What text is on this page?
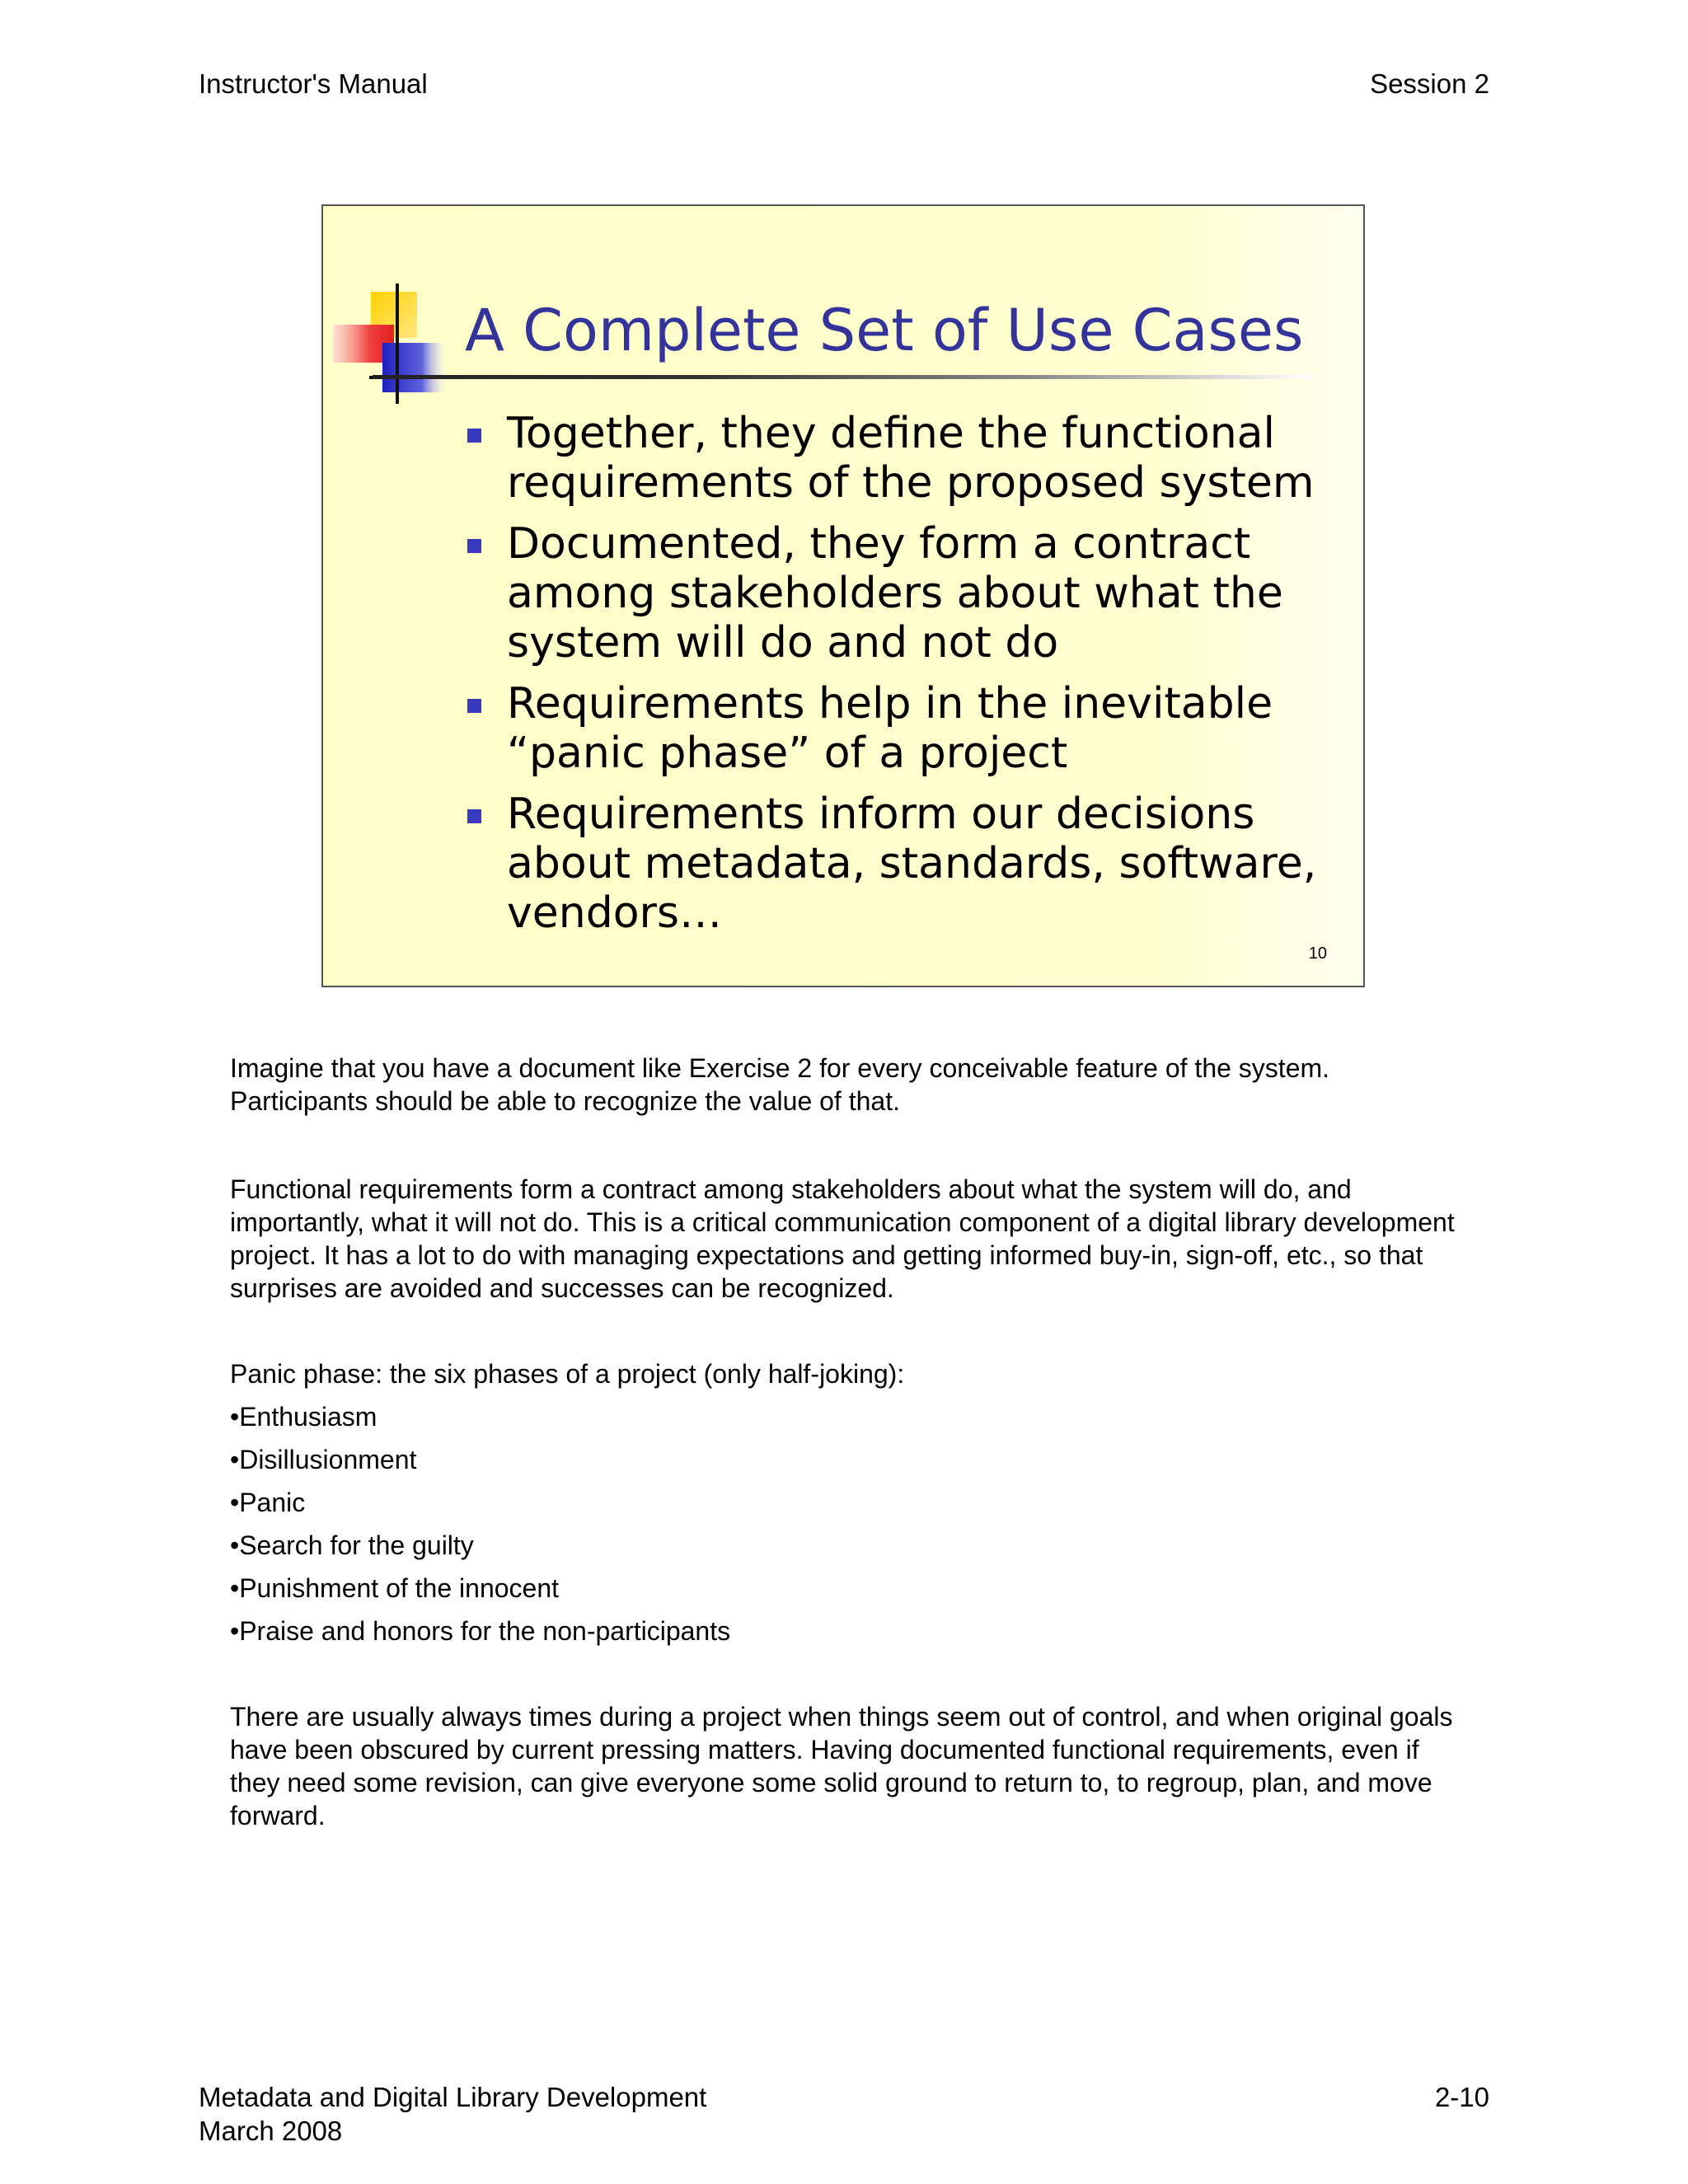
Instructor's Manual	Session 2
A Complete Set of Use Cases
Together, they define the functional requirements of the proposed system
Documented, they form a contract among stakeholders about what the system will do and not do
Requirements help in the inevitable “panic phase” of a project
Requirements inform our decisions about metadata, standards, software, vendors…
10

Imagine that you have a document like Exercise 2 for every conceivable feature of the system. Participants should be able to recognize the value of that.

Functional requirements form a contract among stakeholders about what the system will do, and importantly, what it will not do. This is a critical communication component of a digital library development project. It has a lot to do with managing expectations and getting informed buy-in, sign-off, etc., so that surprises are avoided and successes can be recognized.

Panic phase: the six phases of a project (only half-joking):

•Enthusiasm
•Disillusionment
•Panic
•Search for the guilty
•Punishment of the innocent
•Praise and honors for the non-participants

There are usually always times during a project when things seem out of control, and when original goals have been obscured by current pressing matters. Having documented functional requirements, even if they need some revision, can give everyone some solid ground to return to, to regroup, plan, and move forward.

Metadata and Digital Library Development
March 2008
2-10
